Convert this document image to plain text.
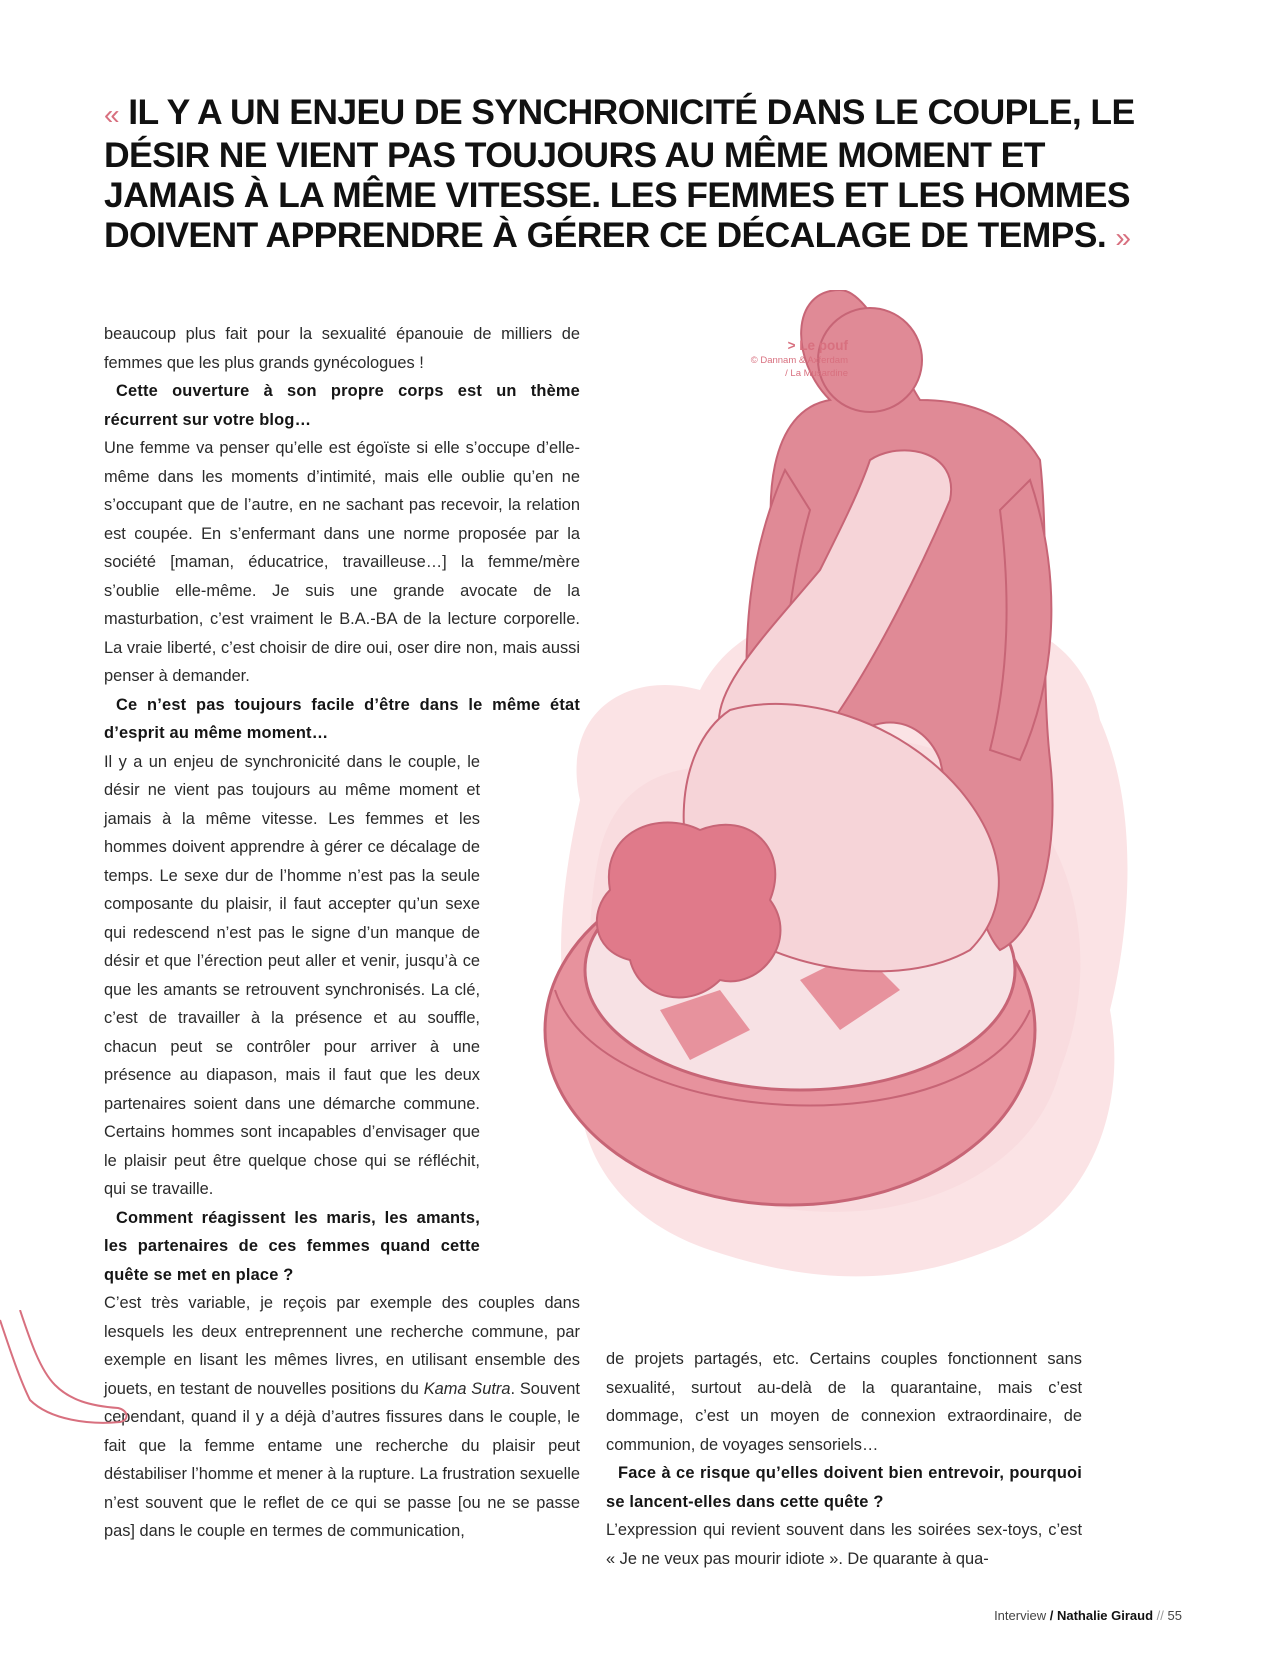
« IL Y A UN ENJEU DE SYNCHRONICITÉ DANS LE COUPLE, LE DÉSIR NE VIENT PAS TOUJOURS AU MÊME MOMENT ET JAMAIS À LA MÊME VITESSE. LES FEMMES ET LES HOMMES DOIVENT APPRENDRE À GÉRER CE DÉCALAGE DE TEMPS. »
> Le pouf
© Dannam & Axferdam
/ La Musardine

beaucoup plus fait pour la sexualité épanouie de milliers de femmes que les plus grands gynécologues !

Cette ouverture à son propre corps est un thème récurrent sur votre blog…

Une femme va penser qu’elle est égoïste si elle s’occupe d’elle-même dans les moments d’intimité, mais elle oublie qu’en ne s’occupant que de l’autre, en ne sachant pas recevoir, la relation est coupée. En s’enfermant dans une norme proposée par la société [maman, éducatrice, travailleuse…] la femme/mère s’oublie elle-même. Je suis une grande avocate de la masturbation, c’est vraiment le B.A.-BA de la lecture corporelle. La vraie liberté, c’est choisir de dire oui, oser dire non, mais aussi penser à demander.

Ce n’est pas toujours facile d’être dans le même état d’esprit au même moment…

Il y a un enjeu de synchronicité dans le couple, le désir ne vient pas toujours au même moment et jamais à la même vitesse. Les femmes et les hommes doivent apprendre à gérer ce décalage de temps. Le sexe dur de l’homme n’est pas la seule composante du plaisir, il faut accepter qu’un sexe qui redescend n’est pas le signe d’un manque de désir et que l’érection peut aller et venir, jusqu’à ce que les amants se retrouvent synchronisés. La clé, c’est de travailler à la présence et au souffle, chacun peut se contrôler pour arriver à une présence au diapason, mais il faut que les deux partenaires soient dans une démarche commune. Certains hommes sont incapables d’envisager que le plaisir peut être quelque chose qui se réfléchit, qui se travaille.

Comment réagissent les maris, les amants, les partenaires de ces femmes quand cette quête se met en place ?

C’est très variable, je reçois par exemple des couples dans lesquels les deux entreprennent une recherche commune, par exemple en lisant les mêmes livres, en utilisant ensemble des jouets, en testant de nouvelles positions du Kama Sutra. Souvent cependant, quand il y a déjà d’autres fissures dans le couple, le fait que la femme entame une recherche du plaisir peut déstabiliser l’homme et mener à la rupture. La frustration sexuelle n’est souvent que le reflet de ce qui se passe [ou ne se passe pas] dans le couple en termes de communication,

de projets partagés, etc. Certains couples fonctionnent sans sexualité, surtout au-delà de la quarantaine, mais c’est dommage, c’est un moyen de connexion extraordinaire, de communion, de voyages sensoriels…

Face à ce risque qu’elles doivent bien entrevoir, pourquoi se lancent-elles dans cette quête ?

L’expression qui revient souvent dans les soirées sex-toys, c’est « Je ne veux pas mourir idiote ». De quarante à qua-

Interview / Nathalie Giraud // 55
